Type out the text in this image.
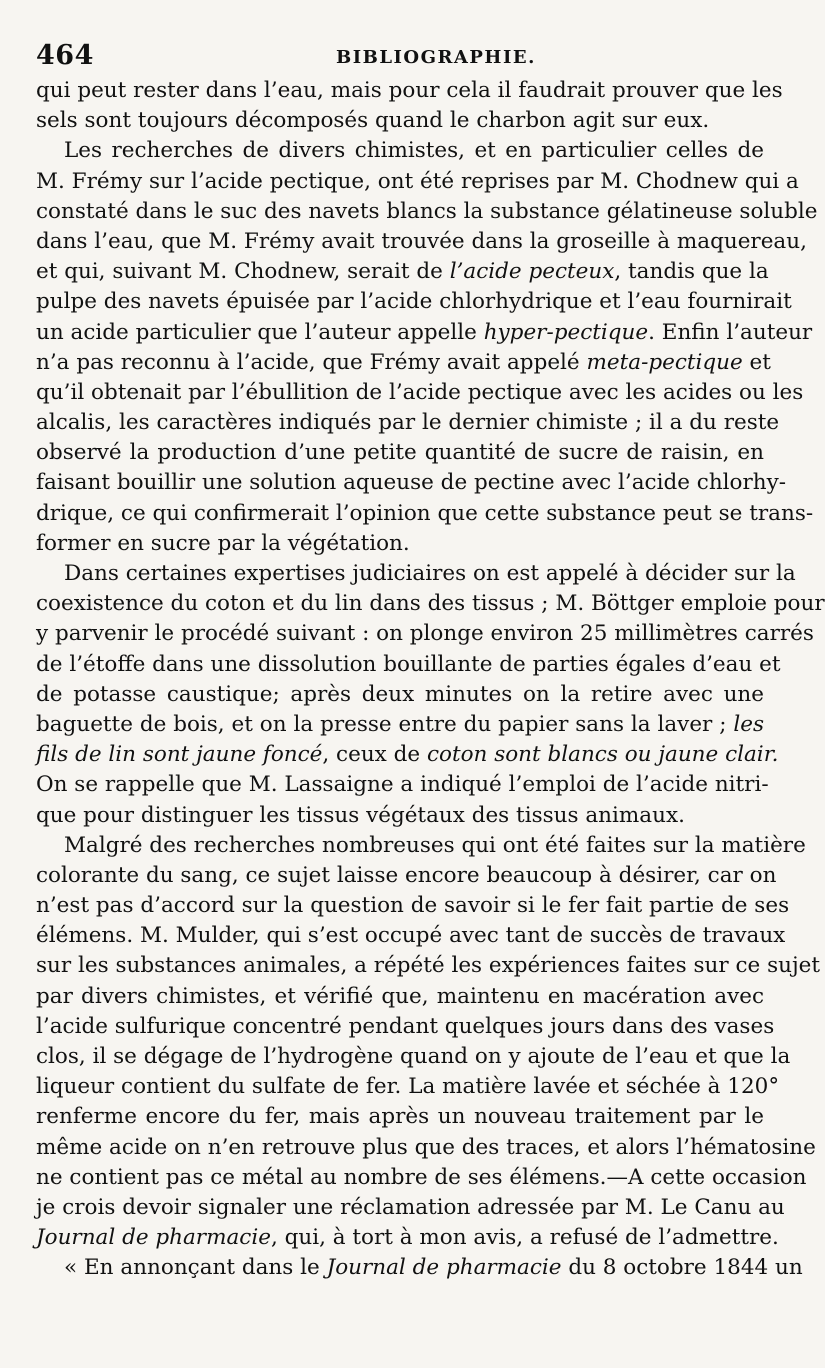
464	BIBLIOGRAPHIE.
qui peut rester dans l’eau, mais pour cela il faudrait prouver que les
sels sont toujours décomposés quand le charbon agit sur eux.
Les recherches de divers chimistes, et en particulier celles de
M. Frémy sur l’acide pectique, ont été reprises par M. Chodnew qui a
constaté dans le suc des navets blancs la substance gélatineuse soluble
dans l’eau, que M. Frémy avait trouvée dans la groseille à maquereau,
et qui, suivant M. Chodnew, serait de l’acide pecteux, tandis que la
pulpe des navets épuisée par l’acide chlorhydrique et l’eau fournirait
un acide particulier que l’auteur appelle hyper-pectique. Enfin l’auteur
n’a pas reconnu à l’acide, que Frémy avait appelé meta-pectique et
qu’il obtenait par l’ébullition de l’acide pectique avec les acides ou les
alcalis, les caractères indiqués par le dernier chimiste ; il a du reste
observé la production d’une petite quantité de sucre de raisin, en
faisant bouillir une solution aqueuse de pectine avec l’acide chlorhy-
drique, ce qui confirmerait l’opinion que cette substance peut se trans-
former en sucre par la végétation.
Dans certaines expertises judiciaires on est appelé à décider sur la
coexistence du coton et du lin dans des tissus ; M. Böttger emploie pour
y parvenir le procédé suivant : on plonge environ 25 millimètres carrés
de l’étoffe dans une dissolution bouillante de parties égales d’eau et
de potasse caustique; après deux minutes on la retire avec une
baguette de bois, et on la presse entre du papier sans la laver ; les
fils de lin sont jaune foncé, ceux de coton sont blancs ou jaune clair.
On se rappelle que M. Lassaigne a indiqué l’emploi de l’acide nitri-
que pour distinguer les tissus végétaux des tissus animaux.
Malgré des recherches nombreuses qui ont été faites sur la matière
colorante du sang, ce sujet laisse encore beaucoup à désirer, car on
n’est pas d’accord sur la question de savoir si le fer fait partie de ses
élémens. M. Mulder, qui s’est occupé avec tant de succès de travaux
sur les substances animales, a répété les expériences faites sur ce sujet
par divers chimistes, et vérifié que, maintenu en macération avec
l’acide sulfurique concentré pendant quelques jours dans des vases
clos, il se dégage de l’hydrogène quand on y ajoute de l’eau et que la
liqueur contient du sulfate de fer. La matière lavée et séchée à 120°
renferme encore du fer, mais après un nouveau traitement par le
même acide on n’en retrouve plus que des traces, et alors l’hématosine
ne contient pas ce métal au nombre de ses élémens.—A cette occasion
je crois devoir signaler une réclamation adressée par M. Le Canu au
Journal de pharmacie, qui, à tort à mon avis, a refusé de l’admettre.
« En annonçant dans le Journal de pharmacie du 8 octobre 1844 un
